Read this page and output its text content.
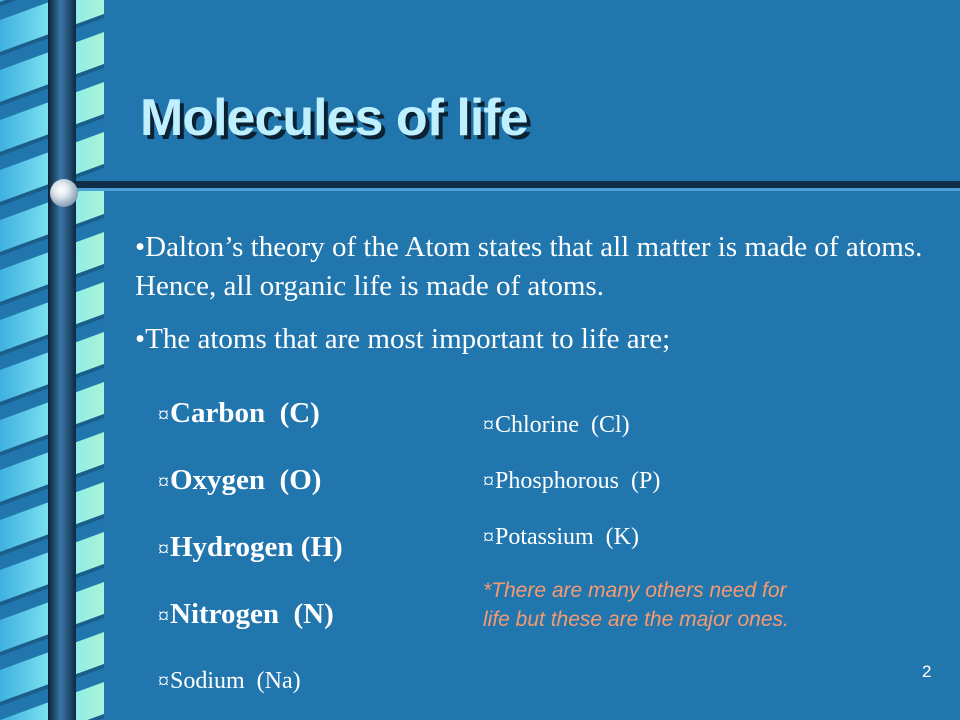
Molecules of life

•Dalton’s theory of the Atom states that all matter is made of atoms. Hence, all organic life is made of atoms.

•The atoms that are most important to life are;

¤Carbon  (C)
¤Oxygen  (O)
¤Hydrogen (H)
¤Nitrogen  (N)
¤Sodium  (Na)
¤Chlorine  (Cl)
¤Phosphorous  (P)
¤Potassium  (K)
*There are many others need for life but these are the major ones.
2
